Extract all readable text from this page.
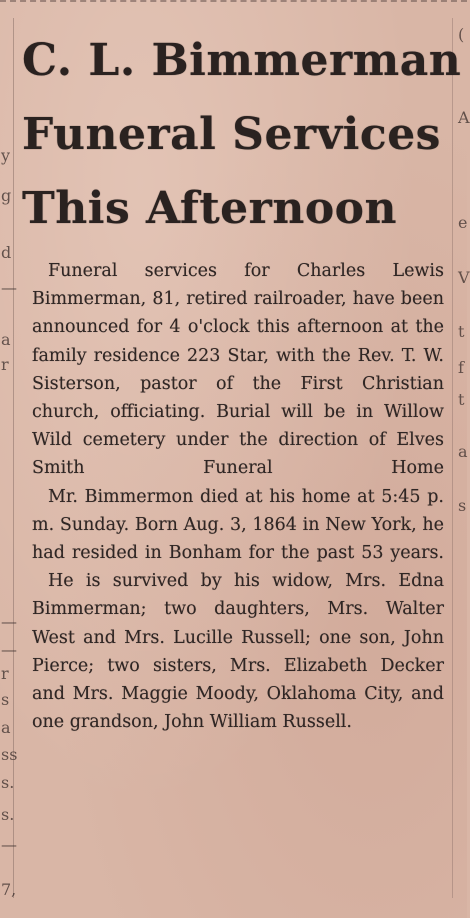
y
g
d
—
a
r
—
—
r
s
a
ss
s.
s.
—
7,
(
A
e
V
t
f
t
a
s
C. L. Bimmerman
Funeral Services
This Afternoon

Funeral services for Charles Lewis Bimmerman, 81, retired railroader, have been announced for 4 o'clock this afternoon at the family residence 223 Star, with the Rev. T. W. Sisterson, pastor of the First Christian church, officiating. Burial will be in Willow Wild cemetery under the direction of Elves Smith Funeral Home

Mr. Bimmermon died at his home at 5:45 p. m. Sunday. Born Aug. 3, 1864 in New York, he had resided in Bonham for the past 53 years.

He is survived by his widow, Mrs. Edna Bimmerman; two daughters, Mrs. Walter West and Mrs. Lucille Russell; one son, John Pierce; two sisters, Mrs. Elizabeth Decker and Mrs. Maggie Moody, Oklahoma City, and one grandson, John William Russell.
